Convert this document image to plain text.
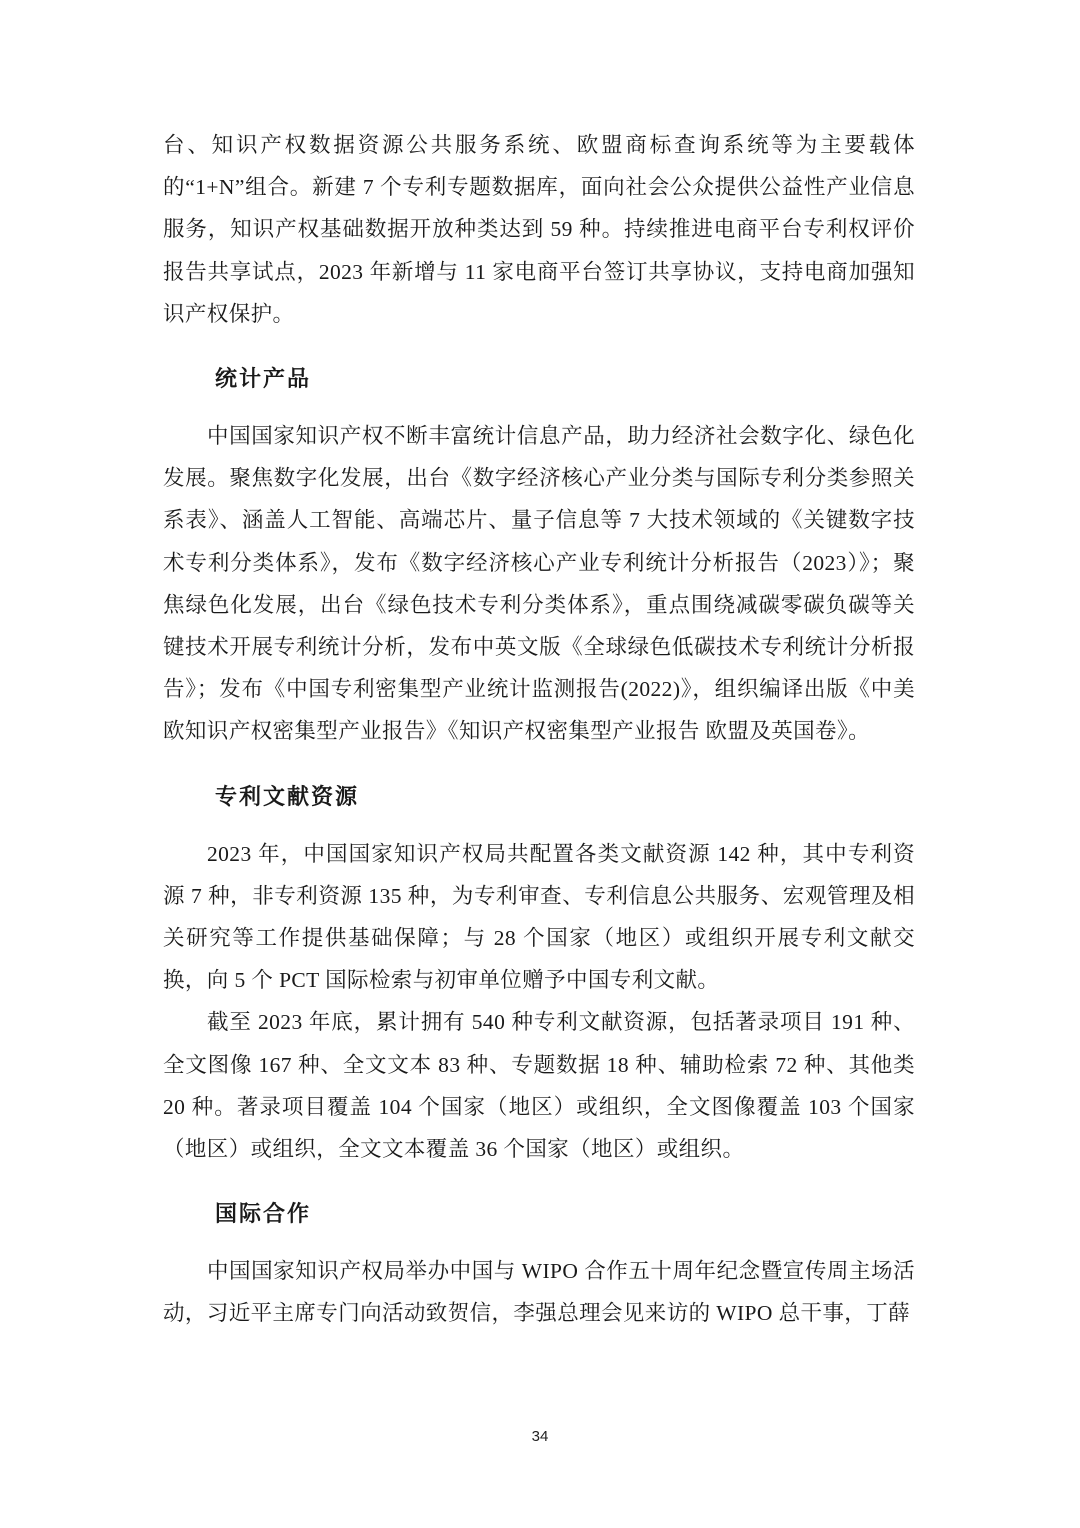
台、知识产权数据资源公共服务系统、欧盟商标查询系统等为主要载体的“1+N”组合。新建 7 个专利专题数据库，面向社会公众提供公益性产业信息服务，知识产权基础数据开放种类达到 59 种。持续推进电商平台专利权评价报告共享试点，2023 年新增与 11 家电商平台签订共享协议，支持电商加强知识产权保护。

统计产品

中国国家知识产权不断丰富统计信息产品，助力经济社会数字化、绿色化发展。聚焦数字化发展，出台《数字经济核心产业分类与国际专利分类参照关系表》、涵盖人工智能、高端芯片、量子信息等 7 大技术领域的《关键数字技术专利分类体系》，发布《数字经济核心产业专利统计分析报告（2023）》；聚焦绿色化发展，出台《绿色技术专利分类体系》，重点围绕减碳零碳负碳等关键技术开展专利统计分析，发布中英文版《全球绿色低碳技术专利统计分析报告》；发布《中国专利密集型产业统计监测报告(2022)》，组织编译出版《中美欧知识产权密集型产业报告》《知识产权密集型产业报告 欧盟及英国卷》。

专利文献资源

2023 年，中国国家知识产权局共配置各类文献资源 142 种，其中专利资源 7 种，非专利资源 135 种，为专利审查、专利信息公共服务、宏观管理及相关研究等工作提供基础保障；与 28 个国家（地区）或组织开展专利文献交换，向 5 个 PCT 国际检索与初审单位赠予中国专利文献。

截至 2023 年底，累计拥有 540 种专利文献资源，包括著录项目 191 种、全文图像 167 种、全文文本 83 种、专题数据 18 种、辅助检索 72 种、其他类 20 种。著录项目覆盖 104 个国家（地区）或组织，全文图像覆盖 103 个国家（地区）或组织，全文文本覆盖 36 个国家（地区）或组织。

国际合作

中国国家知识产权局举办中国与 WIPO 合作五十周年纪念暨宣传周主场活动，习近平主席专门向活动致贺信，李强总理会见来访的 WIPO 总干事，丁薛

34
